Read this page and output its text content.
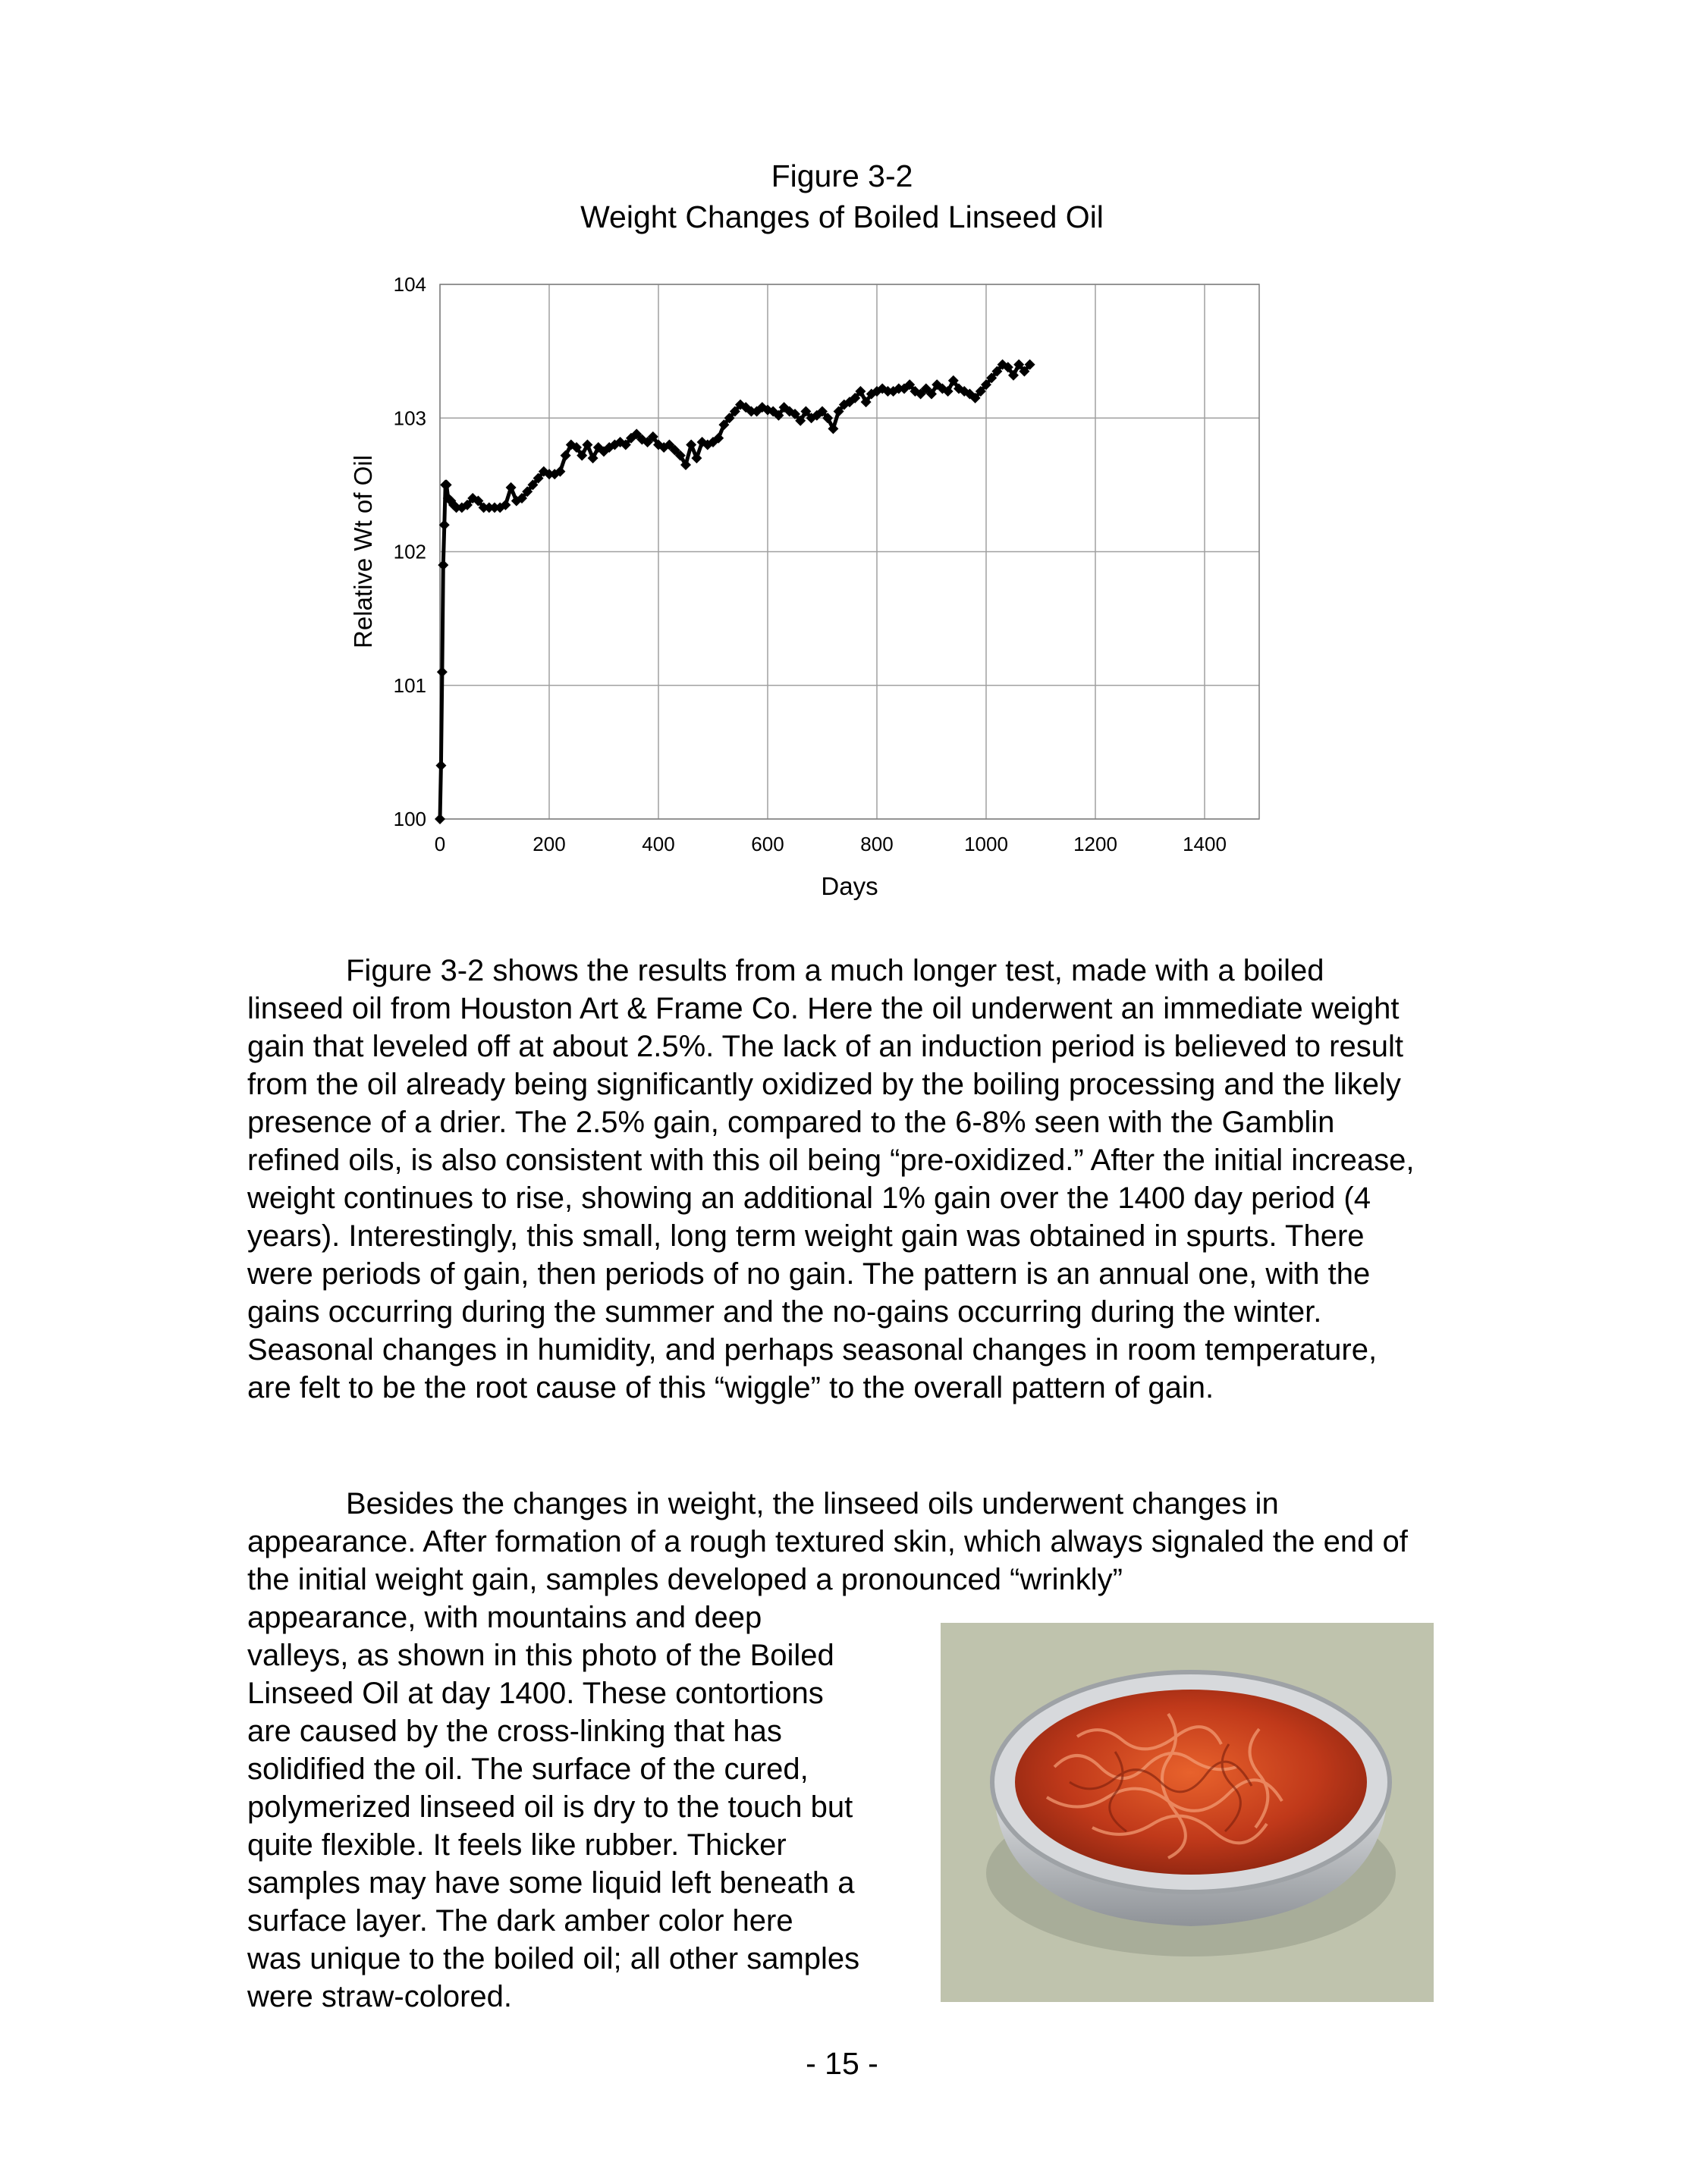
Figure 3-2
Weight Changes of Boiled Linseed Oil
0	200	400	600	800	1000	1200	1400
100
101
102
103
104
Days
Relative Wt of Oil

Figure 3-2 shows the results from a much longer test, made with a boiled linseed oil from Houston Art & Frame Co. Here the oil underwent an immediate weight gain that leveled off at about 2.5%. The lack of an induction period is believed to result from the oil already being significantly oxidized by the boiling processing and the likely presence of a drier. The 2.5% gain, compared to the 6-8% seen with the Gamblin refined oils, is also consistent with this oil being “pre-oxidized.” After the initial increase, weight continues to rise, showing an additional 1% gain over the 1400 day period (4 years). Interestingly, this small, long term weight gain was obtained in spurts. There were periods of gain, then periods of no gain. The pattern is an annual one, with the gains occurring during the summer and the no-gains occurring during the winter. Seasonal changes in humidity, and perhaps seasonal changes in room temperature, are felt to be the root cause of this “wiggle” to the overall pattern of gain.

Besides the changes in weight, the linseed oils underwent changes in appearance. After formation of a rough textured skin, which always signaled the end of the initial weight gain, samples developed a pronounced “wrinkly”

appearance, with mountains and deep
valleys, as shown in this photo of the Boiled
Linseed Oil at day 1400. These contortions
are caused by the cross-linking that has
solidified the oil. The surface of the cured,
polymerized linseed oil is dry to the touch but
quite flexible. It feels like rubber. Thicker
samples may have some liquid left beneath a
surface layer. The dark amber color here
was unique to the boiled oil; all other samples
were straw-colored.

- 15 -
